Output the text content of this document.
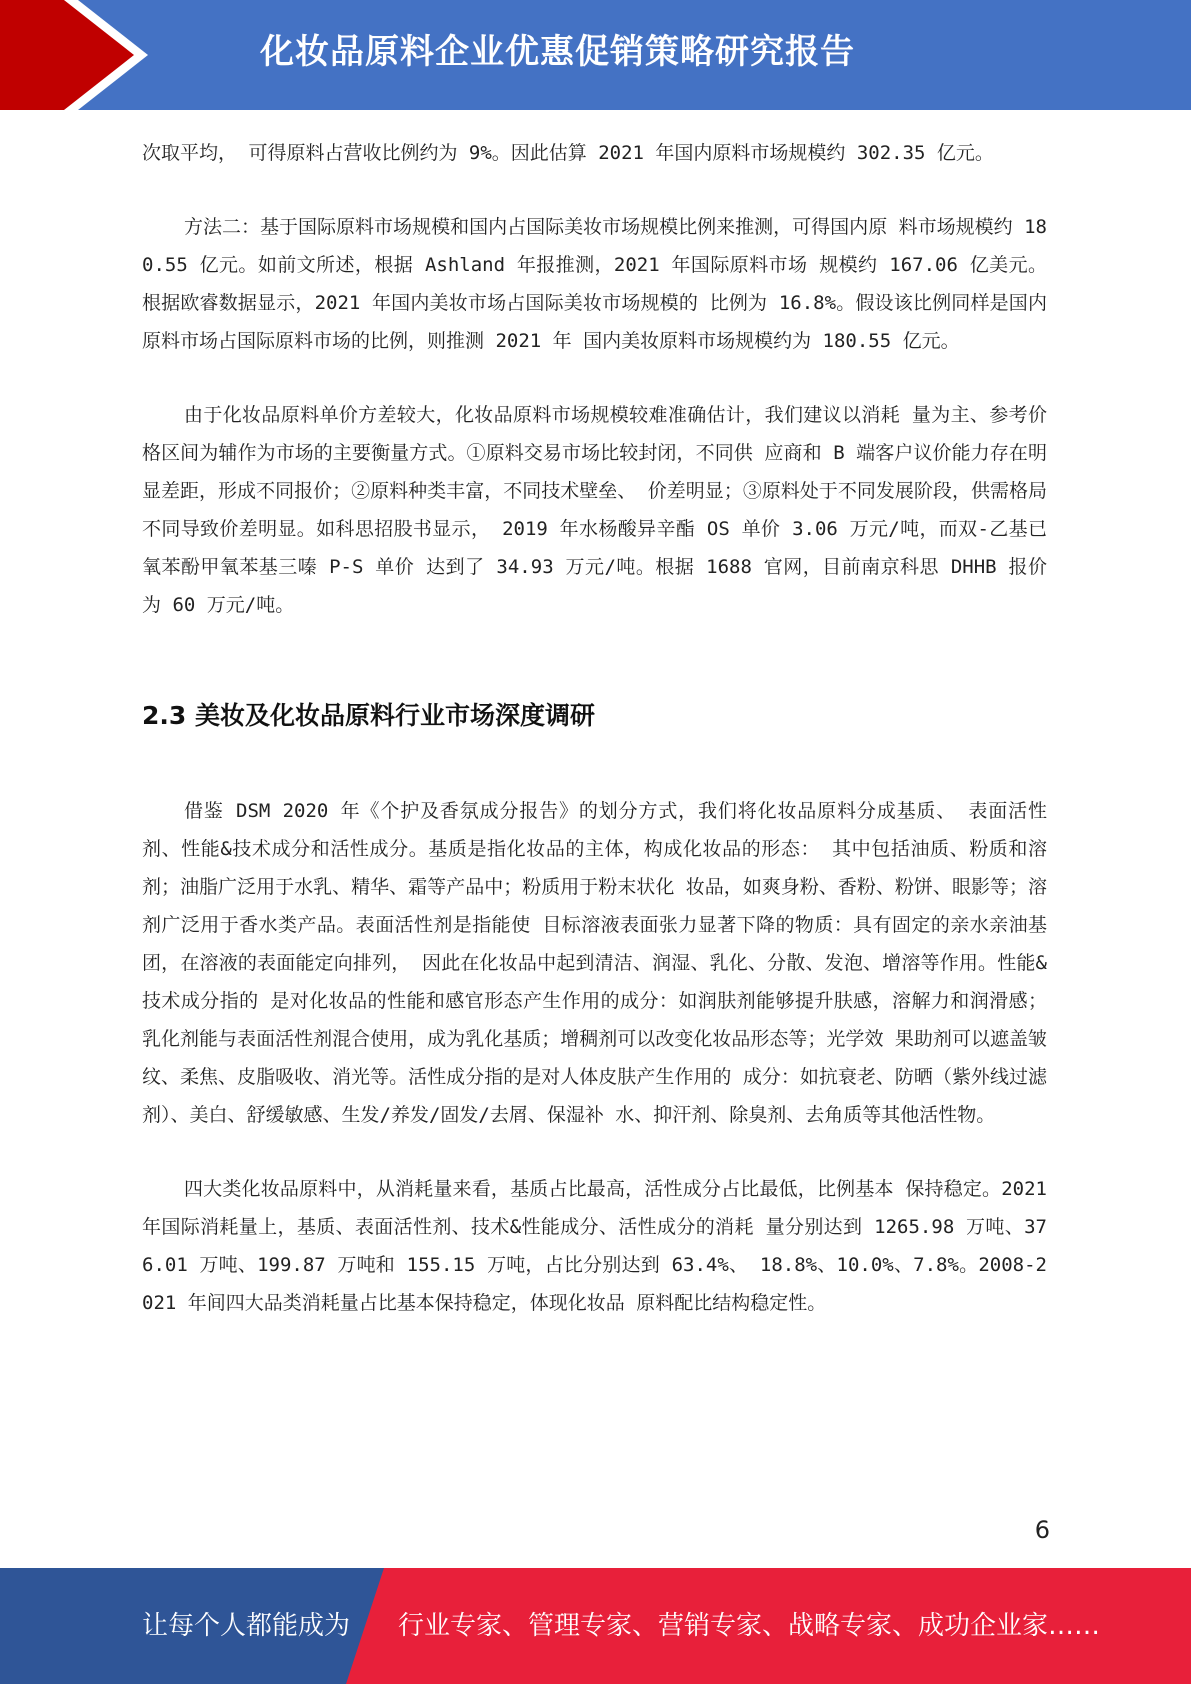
化妆品原料企业优惠促销策略研究报告

次取平均， 可得原料占营收比例约为 9%。因此估算 2021 年国内原料市场规模约 302.35 亿元。

方法二：基于国际原料市场规模和国内占国际美妆市场规模比例来推测，可得国内原 料市场规模约 180.55 亿元。如前文所述，根据 Ashland 年报推测，2021 年国际原料市场 规模约 167.06 亿美元。根据欧睿数据显示，2021 年国内美妆市场占国际美妆市场规模的 比例为 16.8%。假设该比例同样是国内原料市场占国际原料市场的比例，则推测 2021 年 国内美妆原料市场规模约为 180.55 亿元。

由于化妆品原料单价方差较大，化妆品原料市场规模较难准确估计，我们建议以消耗 量为主、参考价格区间为辅作为市场的主要衡量方式。①原料交易市场比较封闭，不同供 应商和 B 端客户议价能力存在明显差距，形成不同报价；②原料种类丰富，不同技术壁垒、 价差明显；③原料处于不同发展阶段，供需格局不同导致价差明显。如科思招股书显示， 2019 年水杨酸异辛酯 OS 单价 3.06 万元/吨，而双-乙基已氧苯酚甲氧苯基三嗪 P-S 单价 达到了 34.93 万元/吨。根据 1688 官网，目前南京科思 DHHB 报价为 60 万元/吨。

2.3 美妆及化妆品原料行业市场深度调研

借鉴 DSM 2020 年《个护及香氛成分报告》的划分方式，我们将化妆品原料分成基质、 表面活性剂、性能&技术成分和活性成分。基质是指化妆品的主体，构成化妆品的形态： 其中包括油质、粉质和溶剂；油脂广泛用于水乳、精华、霜等产品中；粉质用于粉末状化 妆品，如爽身粉、香粉、粉饼、眼影等；溶剂广泛用于香水类产品。表面活性剂是指能使 目标溶液表面张力显著下降的物质：具有固定的亲水亲油基团，在溶液的表面能定向排列， 因此在化妆品中起到清洁、润湿、乳化、分散、发泡、增溶等作用。性能&技术成分指的 是对化妆品的性能和感官形态产生作用的成分：如润肤剂能够提升肤感，溶解力和润滑感； 乳化剂能与表面活性剂混合使用，成为乳化基质；增稠剂可以改变化妆品形态等；光学效 果助剂可以遮盖皱纹、柔焦、皮脂吸收、消光等。活性成分指的是对人体皮肤产生作用的 成分：如抗衰老、防晒（紫外线过滤剂）、美白、舒缓敏感、生发/养发/固发/去屑、保湿补 水、抑汗剂、除臭剂、去角质等其他活性物。

四大类化妆品原料中，从消耗量来看，基质占比最高，活性成分占比最低，比例基本 保持稳定。2021 年国际消耗量上，基质、表面活性剂、技术&性能成分、活性成分的消耗 量分别达到 1265.98 万吨、376.01 万吨、199.87 万吨和 155.15 万吨，占比分别达到 63.4%、 18.8%、10.0%、7.8%。2008-2021 年间四大品类消耗量占比基本保持稳定，体现化妆品 原料配比结构稳定性。

6
让每个人都能成为 行业专家、管理专家、营销专家、战略专家、成功企业家……
